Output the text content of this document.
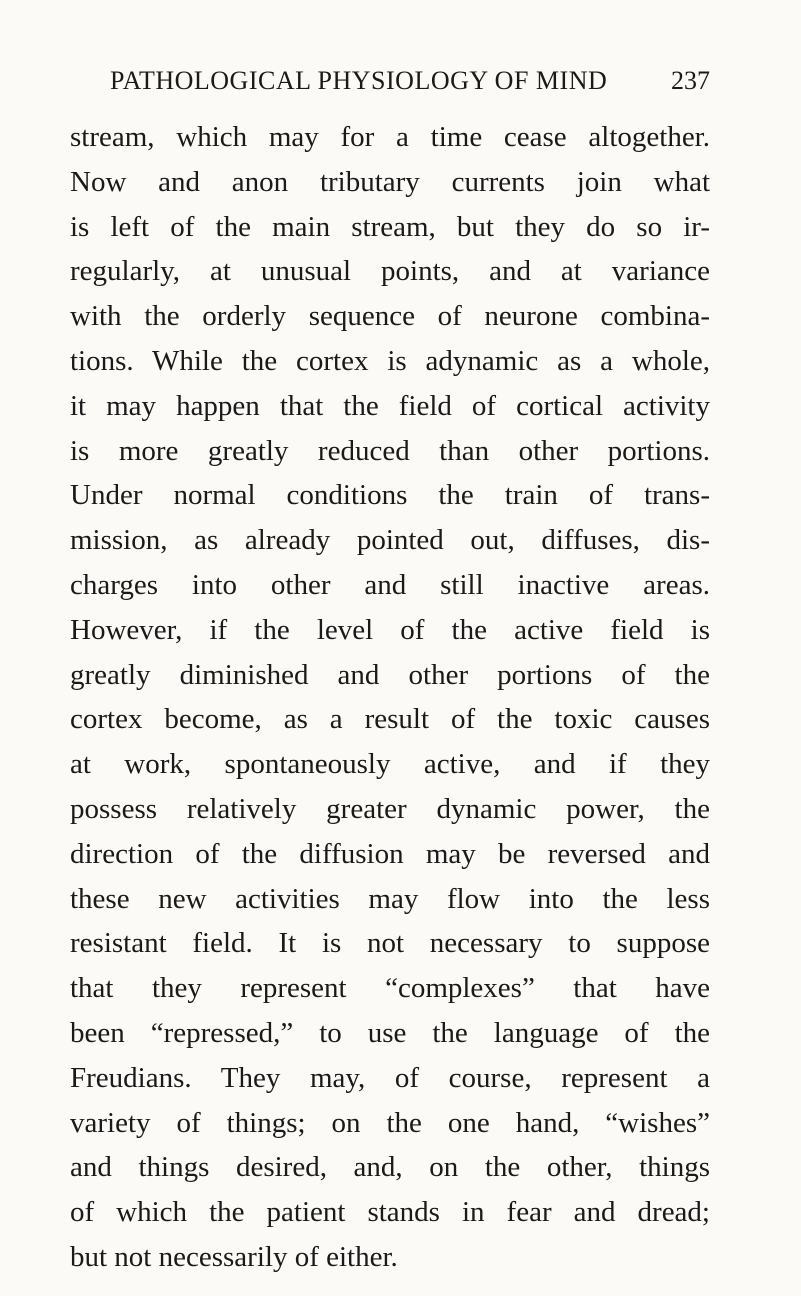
PATHOLOGICAL PHYSIOLOGY OF MIND 237
stream, which may for a time cease altogether.
Now and anon tributary currents join what
is left of the main stream, but they do so ir-
regularly, at unusual points, and at variance
with the orderly sequence of neurone combina-
tions. While the cortex is adynamic as a whole,
it may happen that the field of cortical activity
is more greatly reduced than other portions.
Under normal conditions the train of trans-
mission, as already pointed out, diffuses, dis-
charges into other and still inactive areas.
However, if the level of the active field is
greatly diminished and other portions of the
cortex become, as a result of the toxic causes
at work, spontaneously active, and if they
possess relatively greater dynamic power, the
direction of the diffusion may be reversed and
these new activities may flow into the less
resistant field. It is not necessary to suppose
that they represent “complexes” that have
been “repressed,” to use the language of the
Freudians. They may, of course, represent a
variety of things; on the one hand, “wishes”
and things desired, and, on the other, things
of which the patient stands in fear and dread;
but not necessarily of either.
